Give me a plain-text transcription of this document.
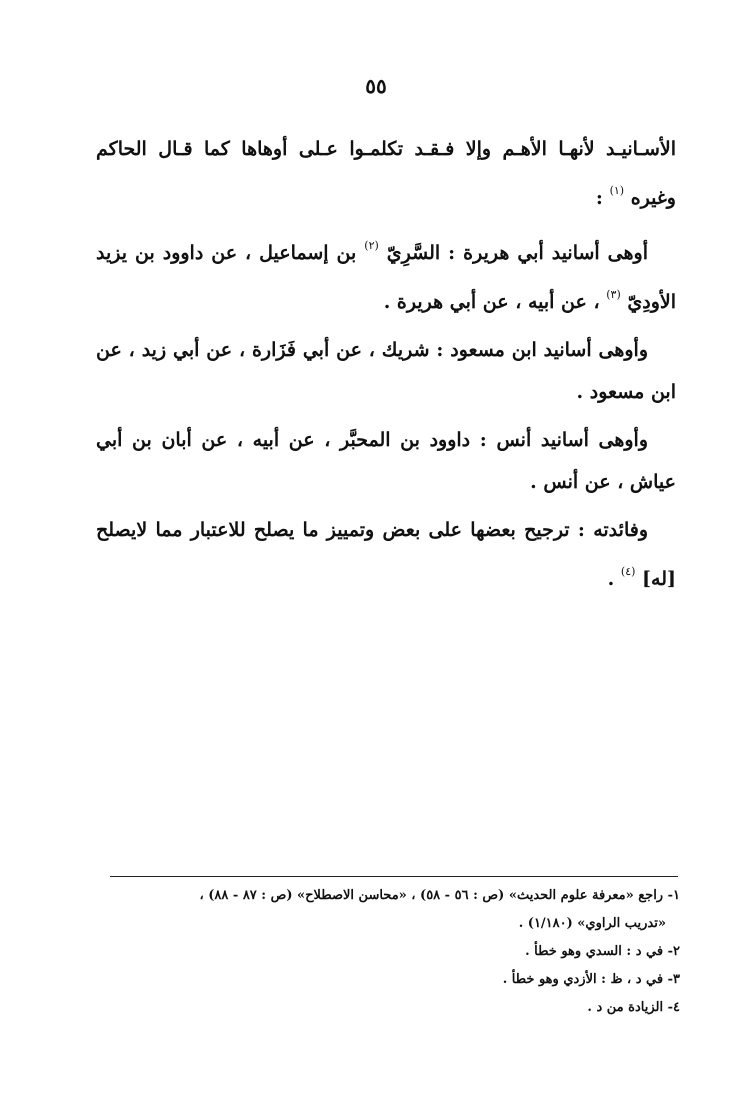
٥٥

الأسـانيـد لأنهـا الأهـم وإلا فـقـد تكلمـوا عـلى أوهاها كما قـال الحاكم وغيره $^{(١)}$ :

أوهى أسانيد أبي هريرة : السَّرِيّ $^{(٢)}$ بن إسماعيل ، عن داوود بن يزيد الأودِيّ $^{(٣)}$ ، عن أبيه ، عن أبي هريرة .

وأوهى أسانيد ابن مسعود : شريك ، عن أبي فَزَارة ، عن أبي زيد ، عن ابن مسعود .

وأوهى أسانيد أنس : داوود بن المحبَّر ، عن أبيه ، عن أبان بن أبي عياش ، عن أنس .

وفائدته : ترجيح بعضها على بعض وتمييز ما يصلح للاعتبار مما لايصلح [له] $^{(٤)}$ .

١- راجع «معرفة علوم الحديث» (ص : ٥٦ - ٥٨) ، «محاسن الاصطلاح» (ص : ٨٧ - ٨٨) ،

«تدريب الراوي» (١/١٨٠) .

٢- في د : السدي وهو خطأ .

٣- في د ، ظ : الأزدي وهو خطأ .

٤- الزيادة من د .
